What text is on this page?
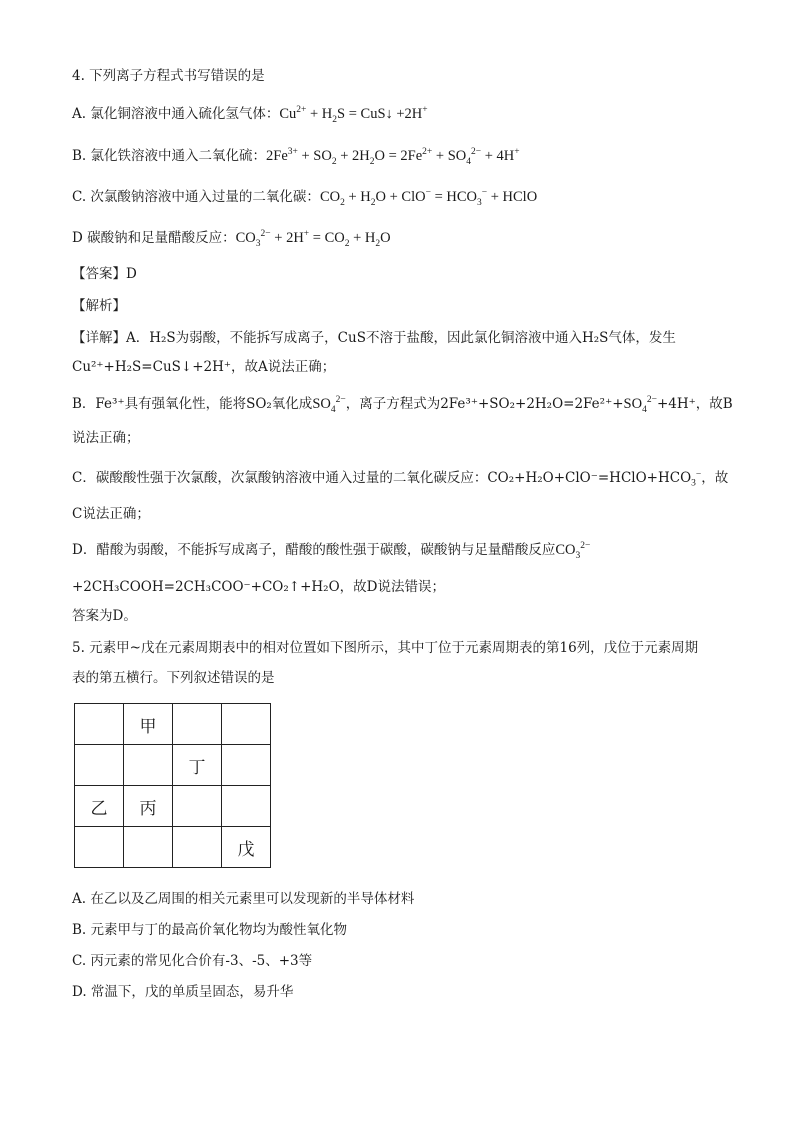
4. 下列离子方程式书写错误的是
A. 氯化铜溶液中通入硫化氢气体：$Cu^{2+} + H_2S$ = CuS↓ +2H+
B. 氯化铁溶液中通入二氧化硫：$2Fe^{3+} + SO_2 + 2H_2O = 2Fe^{2+} + SO_4^{2-} + 4H^+$
C. 次氯酸钠溶液中通入过量的二氧化碳：$CO_2 + H_2O + ClO^- = HCO_3^-$ + HClO
D 碳酸钠和足量醋酸反应：$CO_3^{2-} + 2H^+ = CO_2 + H_2O$
【答案】D
【解析】
【详解】A．H₂S为弱酸，不能拆写成离子，CuS不溶于盐酸，因此氯化铜溶液中通入H₂S气体，发生
Cu²⁺+H₂S=CuS↓+2H⁺，故A说法正确；
B．Fe³⁺具有强氧化性，能将SO₂氧化成$SO_4^{2-}$，离子方程式为$2Fe^{3+}+SO_2+2H_2O=2Fe^{2+}+SO_4^{2-}+4H^+$，故B
说法正确；
C．碳酸酸性强于次氯酸，次氯酸钠溶液中通入过量的二氧化碳反应：$CO_2+H_2O+ClO^-=HClO+HCO_3^-$，故
C说法正确；
D．醋酸为弱酸，不能拆写成离子，醋酸的酸性强于碳酸，碳酸钠与足量醋酸反应$CO_3^{2-}$
+2CH₃COOH=2CH₃COO⁻+CO₂↑+H₂O，故D说法错误；
答案为D。
5. 元素甲~戊在元素周期表中的相对位置如下图所示，其中丁位于元素周期表的第16列，戊位于元素周期
表的第五横行。下列叙述错误的是
	甲		
		丁	
乙	丙		
			戊
A. 在乙以及乙周围的相关元素里可以发现新的半导体材料
B. 元素甲与丁的最高价氧化物均为酸性氧化物
C. 丙元素的常见化合价有-3、-5、+3等
D. 常温下，戊的单质呈固态，易升华
